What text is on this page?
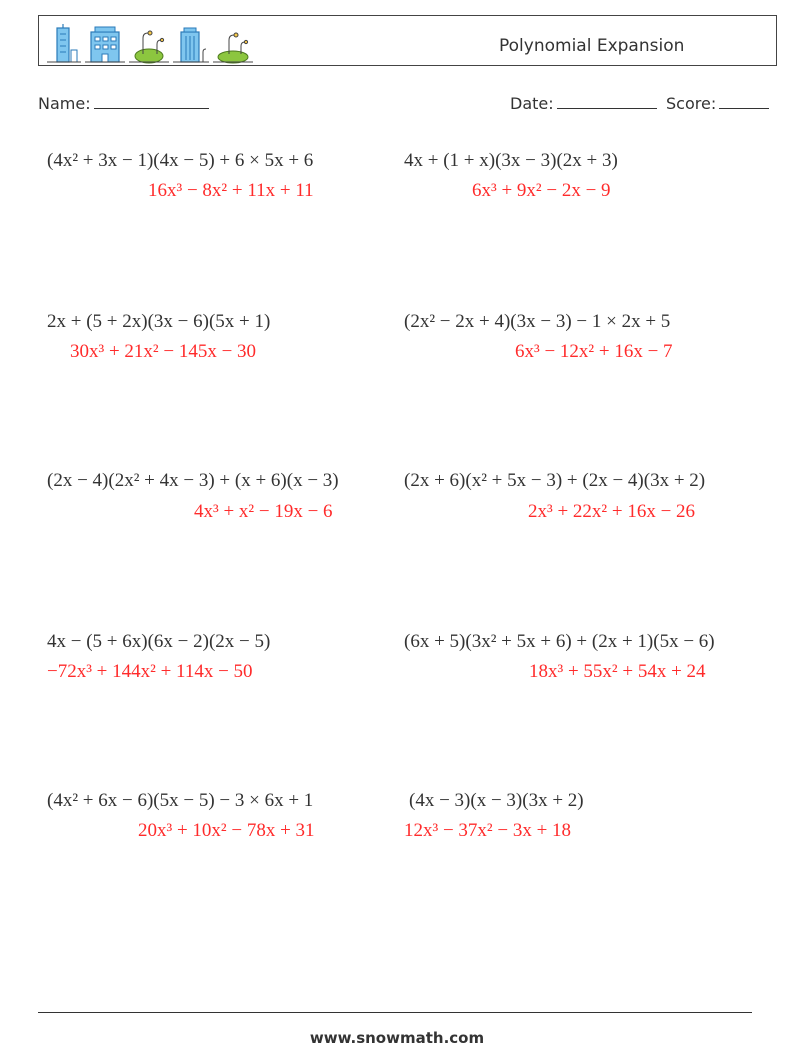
Polynomial Expansion
Name:	Date:	Score:
(4x² + 3x − 1)(4x − 5) + 6 × 5x + 6
16x³ − 8x² + 11x + 11
2x + (5 + 2x)(3x − 6)(5x + 1)
30x³ + 21x² − 145x − 30
(2x − 4)(2x² + 4x − 3) + (x + 6)(x − 3)
4x³ + x² − 19x − 6
4x − (5 + 6x)(6x − 2)(2x − 5)
−72x³ + 144x² + 114x − 50
(4x² + 6x − 6)(5x − 5) − 3 × 6x + 1
20x³ + 10x² − 78x + 31
4x + (1 + x)(3x − 3)(2x + 3)
6x³ + 9x² − 2x − 9
(2x² − 2x + 4)(3x − 3) − 1 × 2x + 5
6x³ − 12x² + 16x − 7
(2x + 6)(x² + 5x − 3) + (2x − 4)(3x + 2)
2x³ + 22x² + 16x − 26
(6x + 5)(3x² + 5x + 6) + (2x + 1)(5x − 6)
18x³ + 55x² + 54x + 24
(4x − 3)(x − 3)(3x + 2)
12x³ − 37x² − 3x + 18
www.snowmath.com
